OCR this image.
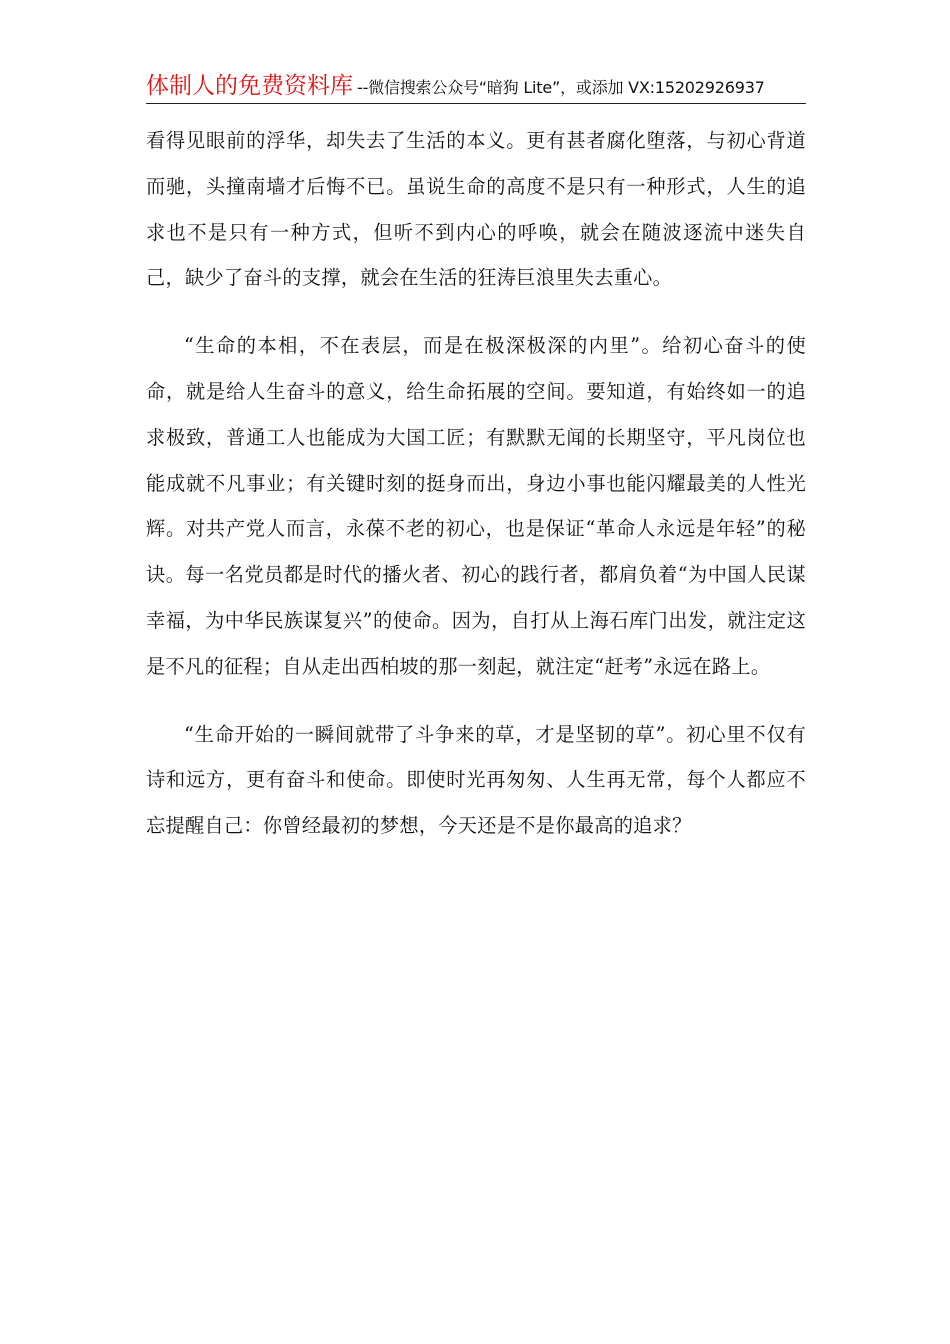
体制人的免费资料库 --微信搜索公众号“暗狗 Lite”，或添加 VX:15202926937

看得见眼前的浮华，却失去了生活的本义。更有甚者腐化堕落，与初心背道而驰，头撞南墙才后悔不已。虽说生命的高度不是只有一种形式，人生的追求也不是只有一种方式，但听不到内心的呼唤，就会在随波逐流中迷失自己，缺少了奋斗的支撑，就会在生活的狂涛巨浪里失去重心。

“生命的本相，不在表层，而是在极深极深的内里”。给初心奋斗的使命，就是给人生奋斗的意义，给生命拓展的空间。要知道，有始终如一的追求极致，普通工人也能成为大国工匠；有默默无闻的长期坚守，平凡岗位也能成就不凡事业；有关键时刻的挺身而出，身边小事也能闪耀最美的人性光辉。对共产党人而言，永葆不老的初心，也是保证“革命人永远是年轻”的秘诀。每一名党员都是时代的播火者、初心的践行者，都肩负着“为中国人民谋幸福，为中华民族谋复兴”的使命。因为，自打从上海石库门出发，就注定这是不凡的征程；自从走出西柏坡的那一刻起，就注定“赶考”永远在路上。

“生命开始的一瞬间就带了斗争来的草，才是坚韧的草”。初心里不仅有诗和远方，更有奋斗和使命。即使时光再匆匆、人生再无常，每个人都应不忘提醒自己：你曾经最初的梦想，今天还是不是你最高的追求？
